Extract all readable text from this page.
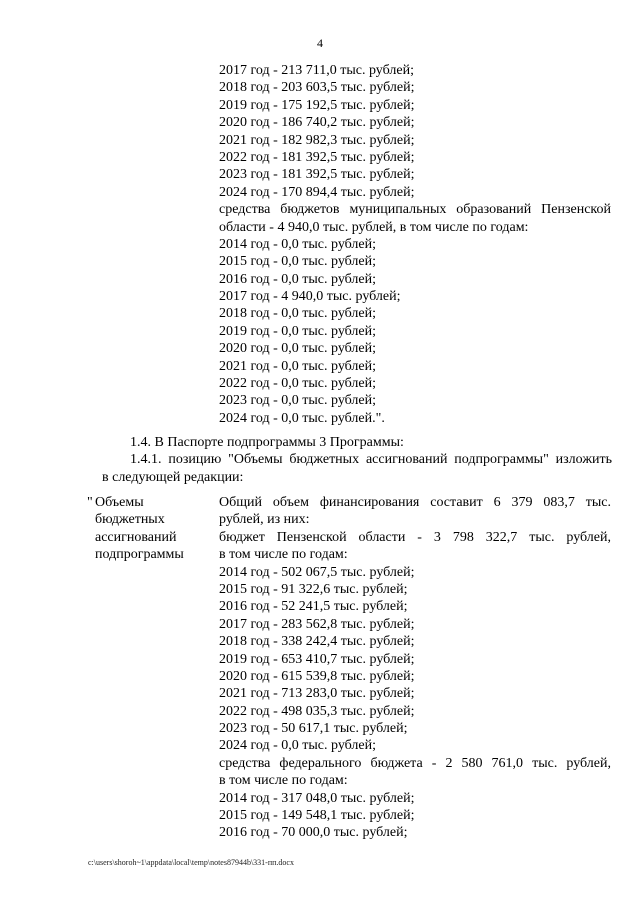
4
2017 год - 213 711,0 тыс. рублей;
2018 год - 203 603,5 тыс. рублей;
2019 год - 175 192,5 тыс. рублей;
2020 год - 186 740,2 тыс. рублей;
2021 год - 182 982,3 тыс. рублей;
2022 год - 181 392,5 тыс. рублей;
2023 год - 181 392,5 тыс. рублей;
2024 год - 170 894,4 тыс. рублей;
средства бюджетов муниципальных образований Пензенской
области - 4 940,0 тыс. рублей, в том числе по годам:
2014 год - 0,0 тыс. рублей;
2015 год - 0,0 тыс. рублей;
2016 год - 0,0 тыс. рублей;
2017 год - 4 940,0 тыс. рублей;
2018 год - 0,0 тыс. рублей;
2019 год - 0,0 тыс. рублей;
2020 год - 0,0 тыс. рублей;
2021 год - 0,0 тыс. рублей;
2022 год - 0,0 тыс. рублей;
2023 год - 0,0 тыс. рублей;
2024 год - 0,0 тыс. рублей.".
1.4. В Паспорте подпрограммы 3 Программы:
1.4.1. позицию "Объемы бюджетных ассигнований подпрограммы" изложить
в следующей редакции:
" Объемы
бюджетных
ассигнований
подпрограммы
Общий объем финансирования составит 6 379 083,7 тыс.
рублей, из них:
бюджет Пензенской области - 3 798 322,7 тыс. рублей,
в том числе по годам:
2014 год - 502 067,5 тыс. рублей;
2015 год - 91 322,6 тыс. рублей;
2016 год - 52 241,5 тыс. рублей;
2017 год - 283 562,8 тыс. рублей;
2018 год - 338 242,4 тыс. рублей;
2019 год - 653 410,7 тыс. рублей;
2020 год - 615 539,8 тыс. рублей;
2021 год - 713 283,0 тыс. рублей;
2022 год - 498 035,3 тыс. рублей;
2023 год - 50 617,1 тыс. рублей;
2024 год - 0,0 тыс. рублей;
средства федерального бюджета - 2 580 761,0 тыс. рублей,
в том числе по годам:
2014 год - 317 048,0 тыс. рублей;
2015 год - 149 548,1 тыс. рублей;
2016 год - 70 000,0 тыс. рублей;
c:\users\shoroh~1\appdata\local\temp\notes87944b\331-пп.docx
